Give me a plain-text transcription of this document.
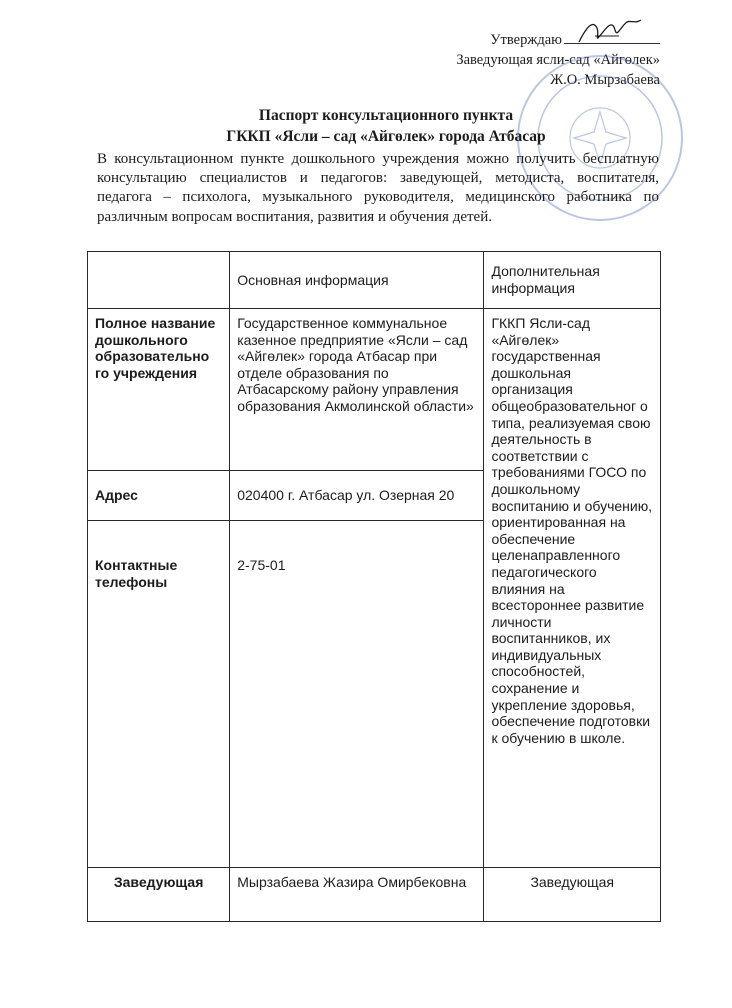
Утверждаю
Заведующая ясли-сад «Айгөлек»
Ж.О. Мырзабаева
Паспорт консультационного пункта
ГККП «Ясли – сад «Айгөлек» города Атбасар
В консультационном пункте дошкольного учреждения можно получить бесплатную консультацию специалистов и педагогов: заведующей, методиста, воспитателя, педагога – психолога, музыкального руководителя, медицинского работника по различным вопросам воспитания, развития и обучения детей.
	Основная информация	Дополнительная информация
Полное название дошкольного образовательно го учреждения	Государственное коммунальное казенное предприятие «Ясли – сад «Айгөлек» города Атбасар при отделе образования по Атбасарскому району управления образования Акмолинской области»	ГККП Ясли-сад «Айгөлек» государственная дошкольная организация общеобразовательног о типа, реализуемая свою деятельность в соответствии с требованиями ГОСО по дошкольному воспитанию и обучению, ориентированная на обеспечение целенаправленного педагогического влияния на всестороннее развитие личности воспитанников, их индивидуальных способностей, сохранение и укрепление здоровья, обеспечение подготовки к обучению в школе.
Адрес	020400 г. Атбасар ул. Озерная 20	
Контактные телефоны	2-75-01	
Заведующая	Мырзабаева Жазира Омирбековна	Заведующая
